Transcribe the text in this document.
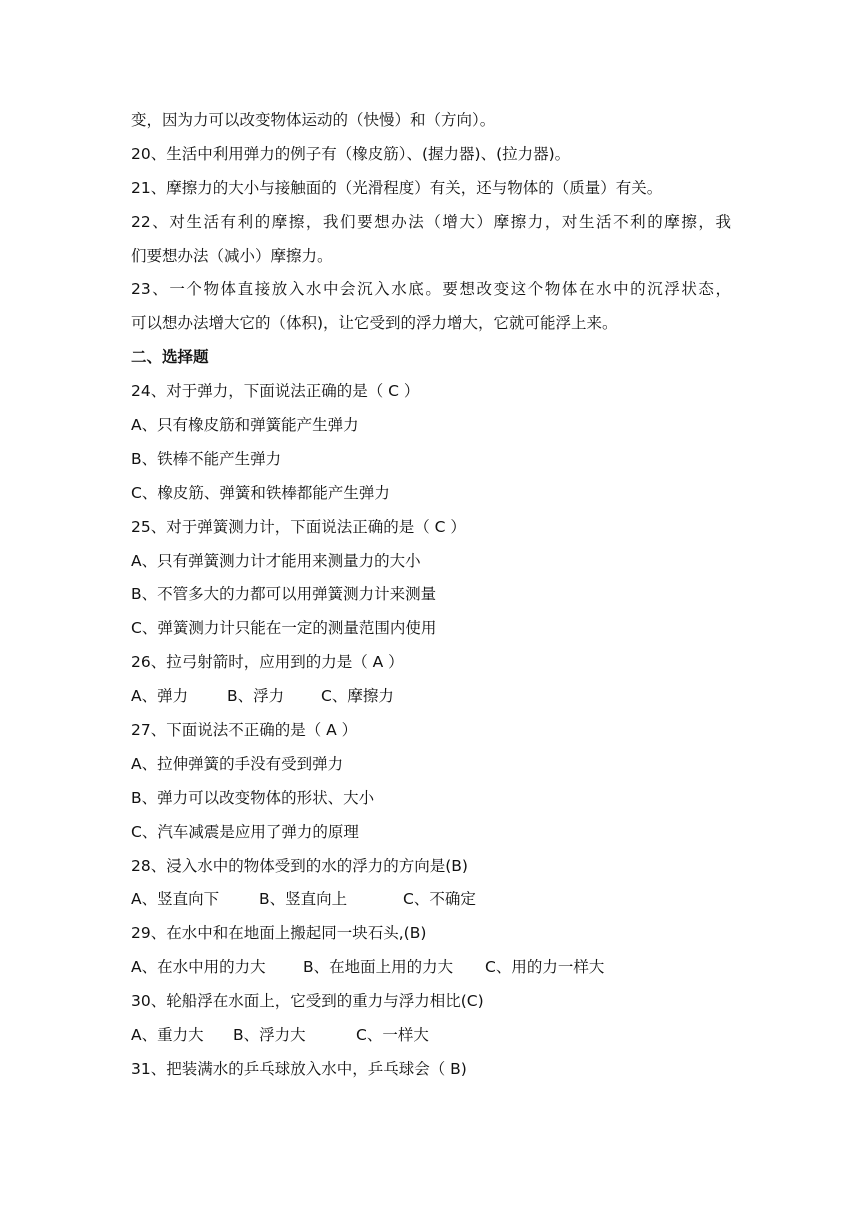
变，因为力可以改变物体运动的（快慢）和（方向）。
20、生活中利用弹力的例子有（橡皮筋）、(握力器)、(拉力器)。
21、摩擦力的大小与接触面的（光滑程度）有关，还与物体的（质量）有关。
22、对生活有利的摩擦，我们要想办法（增大）摩擦力，对生活不利的摩擦，我
们要想办法（减小）摩擦力。
23、一个物体直接放入水中会沉入水底。要想改变这个物体在水中的沉浮状态，
可以想办法增大它的（体积)，让它受到的浮力增大，它就可能浮上来。
二、选择题
24、对于弹力，下面说法正确的是（ C ）
A、只有橡皮筋和弹簧能产生弹力
B、铁棒不能产生弹力
C、橡皮筋、弹簧和铁棒都能产生弹力
25、对于弹簧测力计，下面说法正确的是（ C ）
A、只有弹簧测力计才能用来测量力的大小
B、不管多大的力都可以用弹簧测力计来测量
C、弹簧测力计只能在一定的测量范围内使用
26、拉弓射箭时，应用到的力是（ A ）
A、弹力	B、浮力 C、摩擦力
27、下面说法不正确的是（ A ）
A、拉伸弹簧的手没有受到弹力
B、弹力可以改变物体的形状、大小
C、汽车减震是应用了弹力的原理
28、浸入水中的物体受到的水的浮力的方向是(B)
A、竖直向下	B、竖直向上	C、不确定
29、在水中和在地面上搬起同一块石头,(B)
A、在水中用的力大 B、在地面上用的力大 C、用的力一样大
30、轮船浮在水面上，它受到的重力与浮力相比(C)
A、重力大 B、浮力大	C、一样大
31、把装满水的乒乓球放入水中，乒乓球会（ B)
